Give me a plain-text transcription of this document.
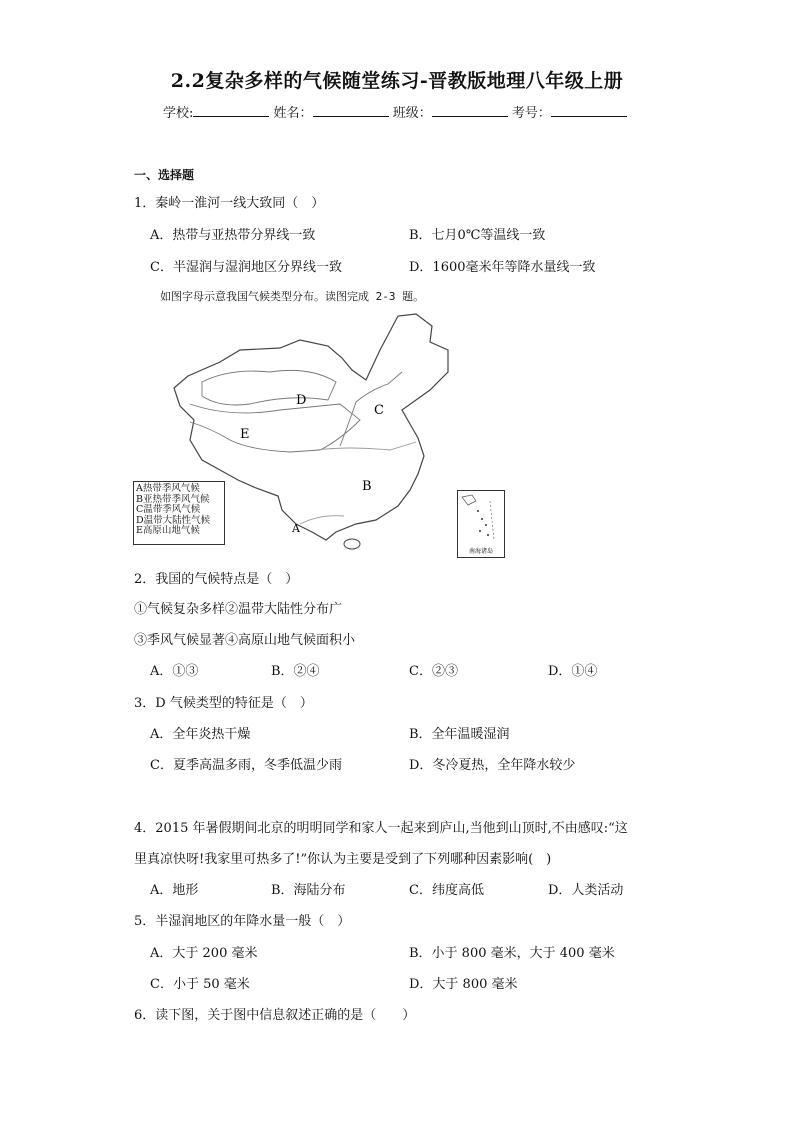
2.2复杂多样的气候随堂练习-晋教版地理八年级上册
学校:	姓名：	班级：	考号：
一、选择题
1．秦岭一淮河一线大致同（　）
A．热带与亚热带分界线一致	B．七月0℃等温线一致
C．半湿润与湿润地区分界线一致	D．1600毫米年等降水量线一致
如图字母示意我国气候类型分布。读图完成 2-3 题。
D
C
E
B
A
A热带季风气候
B亚热带季风气候
C温带季风气候
D温带大陆性气候
E高原山地气候
南海诸岛
2．我国的气候特点是（　）
①气候复杂多样②温带大陆性分布广
③季风气候显著④高原山地气候面积小
A．①③	B．②④	C．②③	D．①④
3．D 气候类型的特征是（　）
A．全年炎热干燥	B．全年温暖湿润
C．夏季高温多雨，冬季低温少雨	D．冬冷夏热，全年降水较少
4．2015 年暑假期间北京的明明同学和家人一起来到庐山,当他到山顶时,不由感叹:“这
里真凉快呀!我家里可热多了!”你认为主要是受到了下列哪种因素影响(　)
A．地形	B．海陆分布	C．纬度高低	D．人类活动
5．半湿润地区的年降水量一般（　）
A．大于 200 毫米	B．小于 800 毫米，大于 400 毫米
C．小于 50 毫米	D．大于 800 毫米
6．读下图，关于图中信息叙述正确的是（　　）
